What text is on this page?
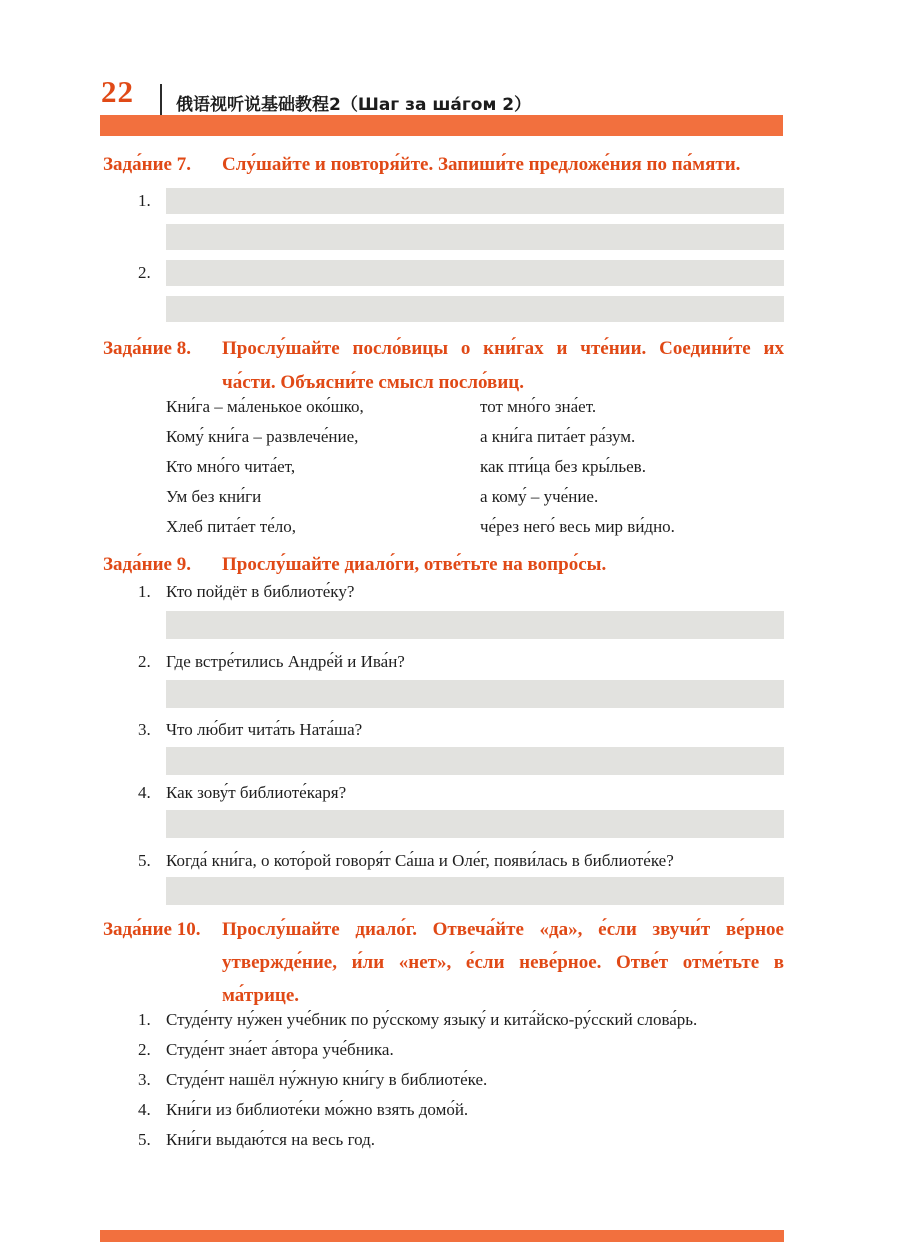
22 俄语视听说基础教程2（Шаг за ша́гом 2）
Зада́ние 7.	Слу́шайте и повторя́йте. Запиши́те предложе́ния по па́мяти.
1.
2.
Зада́ние 8.	Прослу́шайте посло́вицы о кни́гах и чте́нии. Соедини́те их ча́сти. Объясни́те смысл посло́виц.
Кни́га – ма́ленькое око́шко,	тот мно́го зна́ет.
Кому́ кни́га – развлече́ние,	а кни́га пита́ет ра́зум.
Кто мно́го чита́ет,	как пти́ца без кры́льев.
Ум без кни́ги	а кому́ – уче́ние.
Хлеб пита́ет те́ло,	че́рез него́ весь мир ви́дно.
Зада́ние 9.	Прослу́шайте диало́ги, отве́тьте на вопро́сы.
1. Кто пойдёт в библиоте́ку?
2. Где встре́тились Андре́й и Ива́н?
3. Что лю́бит чита́ть Ната́ша?
4. Как зову́т библиоте́каря?
5. Когда́ кни́га, о кото́рой говоря́т Са́ша и Оле́г, появи́лась в библиоте́ке?
Зада́ние 10.	Прослу́шайте диало́г. Отвеча́йте «да», е́сли звучи́т ве́рное утвержде́ние, и́ли «нет», е́сли неве́рное. Отве́т отме́тьте в ма́трице.
1. Студе́нту ну́жен уче́бник по ру́сскому языку́ и кита́йско-ру́сский слова́рь.
2. Студе́нт зна́ет а́втора уче́бника.
3. Студе́нт нашёл ну́жную кни́гу в библиоте́ке.
4. Кни́ги из библиоте́ки мо́жно взять домо́й.
5. Кни́ги выдаю́тся на весь год.
